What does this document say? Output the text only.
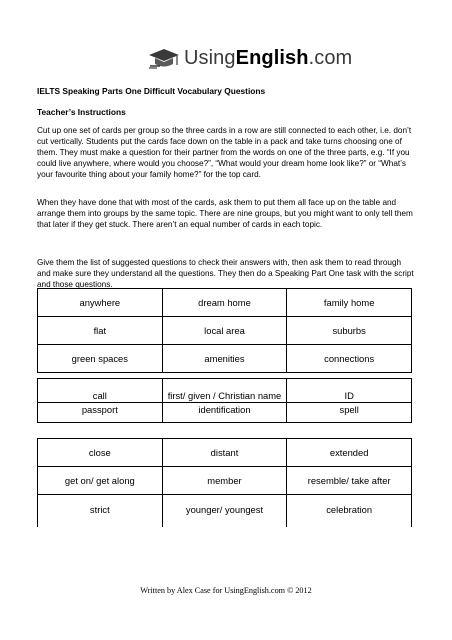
UsingEnglish.com
IELTS Speaking Parts One Difficult Vocabulary Questions
Teacher’s Instructions

Cut up one set of cards per group so the three cards in a row are still connected to each other, i.e. don’t cut vertically. Students put the cards face down on the table in a pack and take turns choosing one of them. They must make a question for their partner from the words on one of the three parts, e.g. “If you could live anywhere, where would you choose?”, “What would your dream home look like?” or “What’s your favourite thing about your family home?” for the top card.

When they have done that with most of the cards, ask them to put them all face up on the table and arrange them into groups by the same topic. There are nine groups, but you might want to only tell them that later if they get stuck. There aren’t an equal number of cards in each topic.

Give them the list of suggested questions to check their answers with, then ask them to read through and make sure they understand all the questions. They then do a Speaking Part One task with the script and those questions.

anywhere	dream home	family home
flat	local area	suburbs
green spaces	amenities	connections
call	first/ given / Christian name	ID
passport	identification	spell
close	distant	extended
get on/ get along	member	resemble/ take after
strict	younger/ youngest	celebration
Written by Alex Case for UsingEnglish.com © 2012
